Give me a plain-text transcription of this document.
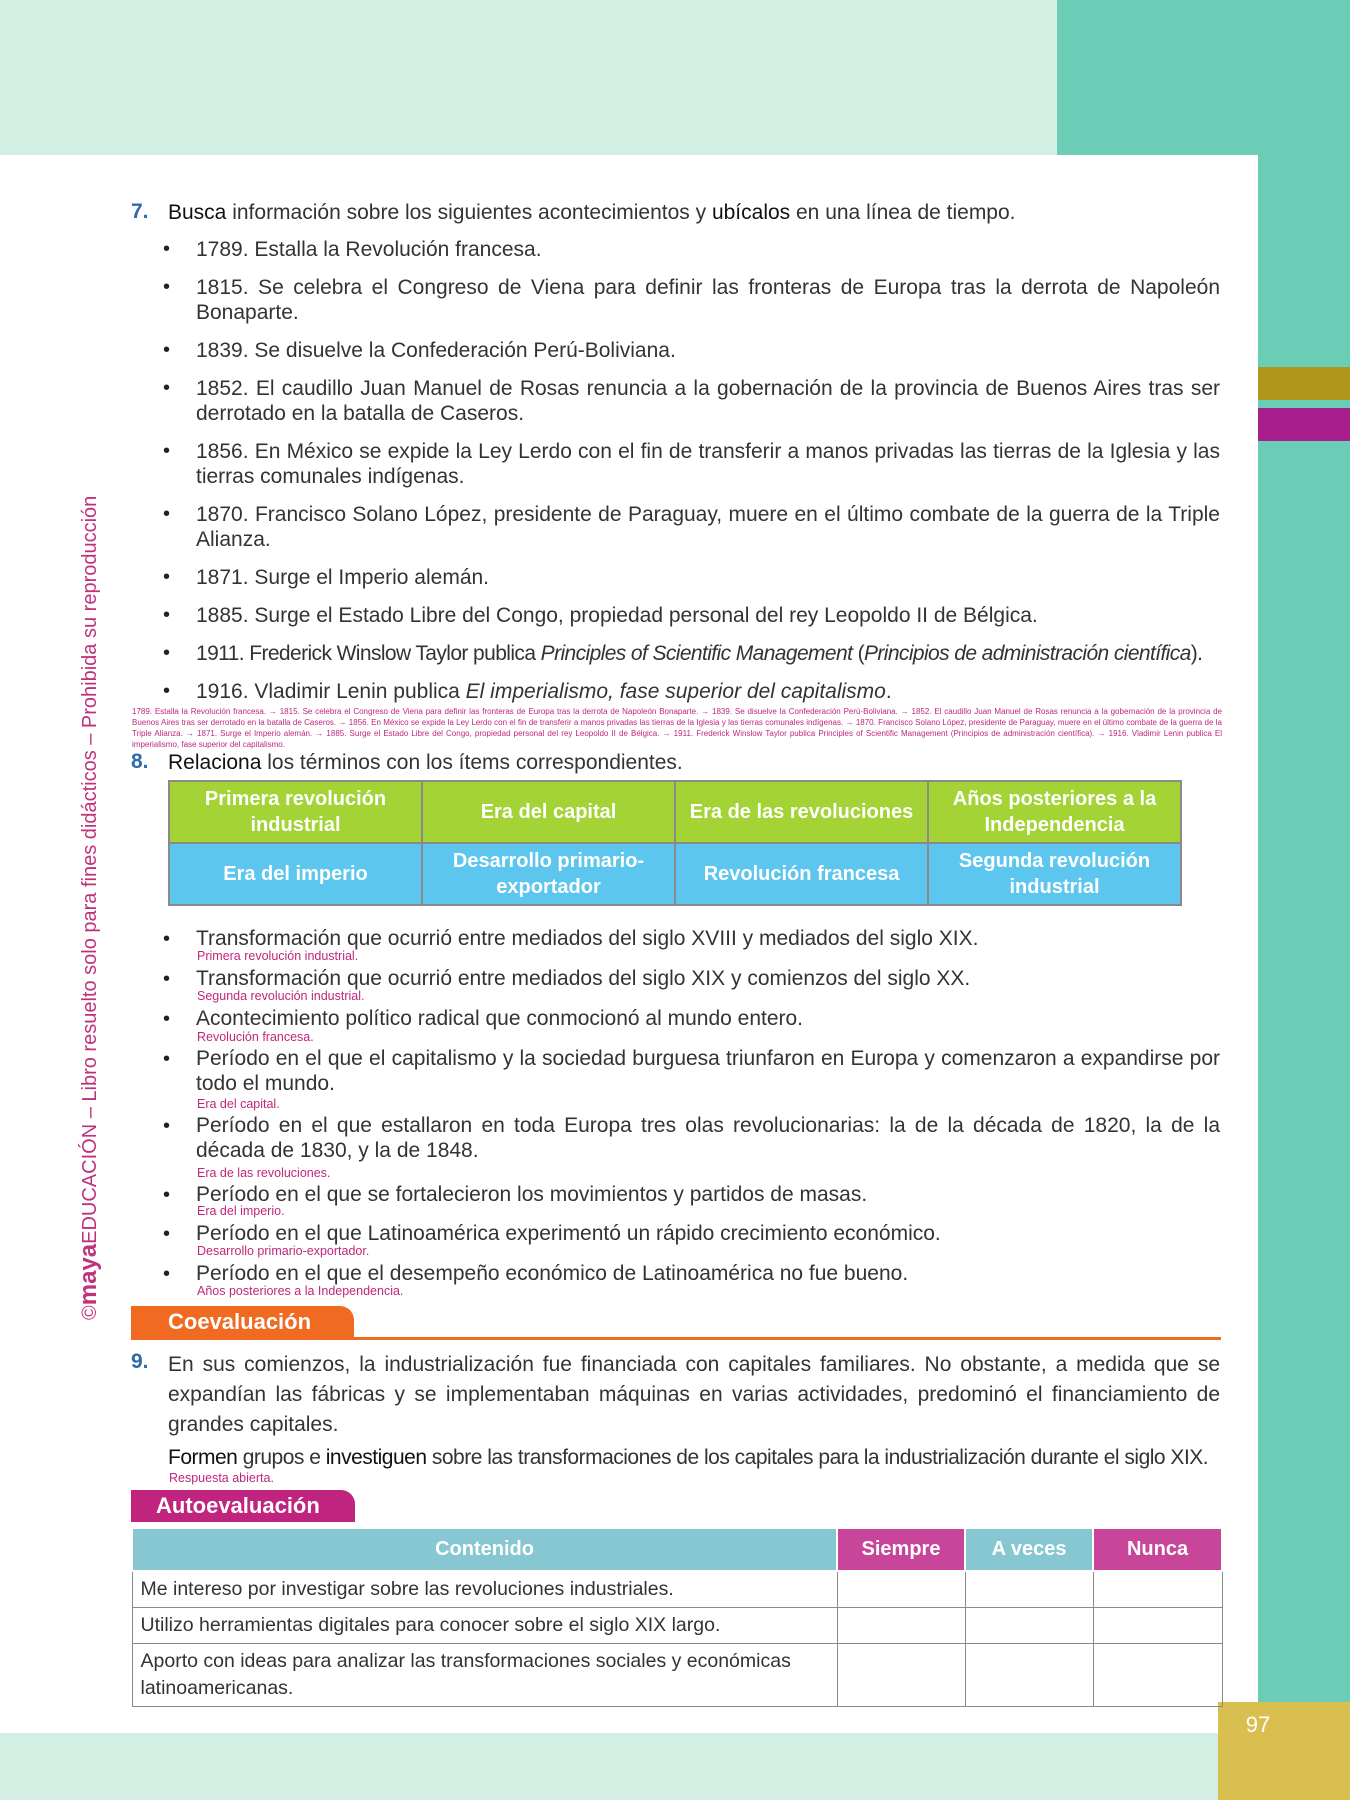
97
©mayaEDUCACIÓN – Libro resuelto solo para fines didácticos – Prohibida su reproducción
7. Busca información sobre los siguientes acontecimientos y ubícalos en una línea de tiempo.
• 1789. Estalla la Revolución francesa.
• 1815. Se celebra el Congreso de Viena para definir las fronteras de Europa tras la derrota de Napoleón Bonaparte.
• 1839. Se disuelve la Confederación Perú-Boliviana.
• 1852. El caudillo Juan Manuel de Rosas renuncia a la gobernación de la provincia de Buenos Aires tras ser derrotado en la batalla de Caseros.
• 1856. En México se expide la Ley Lerdo con el fin de transferir a manos privadas las tierras de la Iglesia y las tierras comunales indígenas.
• 1870. Francisco Solano López, presidente de Paraguay, muere en el último combate de la guerra de la Triple Alianza.
• 1871. Surge el Imperio alemán.
• 1885. Surge el Estado Libre del Congo, propiedad personal del rey Leopoldo II de Bélgica.
• 1911. Frederick Winslow Taylor publica Principles of Scientific Management (Principios de administración científica).
• 1916. Vladimir Lenin publica El imperialismo, fase superior del capitalismo.
1789. Estalla la Revolución francesa. → 1815. Se celebra el Congreso de Viena para definir las fronteras de Europa tras la derrota de Napoleón Bonaparte. → 1839. Se disuelve la Confederación Perú-Boliviana. → 1852. El caudillo Juan Manuel de Rosas renuncia a la gobernación de la provincia de Buenos Aires tras ser derrotado en la batalla de Caseros. → 1856. En México se expide la Ley Lerdo con el fin de transferir a manos privadas las tierras de la Iglesia y las tierras comunales indígenas. → 1870. Francisco Solano López, presidente de Paraguay, muere en el último combate de la guerra de la Triple Alianza. → 1871. Surge el Imperio alemán. → 1885. Surge el Estado Libre del Congo, propiedad personal del rey Leopoldo II de Bélgica. → 1911. Frederick Winslow Taylor publica Principles of Scientific Management (Principios de administración científica). → 1916. Vladimir Lenin publica El imperialismo, fase superior del capitalismo.
8. Relaciona los términos con los ítems correspondientes.
Primera revolución industrial	Era del capital	Era de las revoluciones	Años posteriores a la Independencia
Era del imperio	Desarrollo primario-exportador	Revolución francesa	Segunda revolución industrial
• Transformación que ocurrió entre mediados del siglo XVIII y mediados del siglo XIX.
Primera revolución industrial.
• Transformación que ocurrió entre mediados del siglo XIX y comienzos del siglo XX.
Segunda revolución industrial.
• Acontecimiento político radical que conmocionó al mundo entero.
Revolución francesa.
• Período en el que el capitalismo y la sociedad burguesa triunfaron en Europa y comenzaron a expandirse por todo el mundo.
Era del capital.
• Período en el que estallaron en toda Europa tres olas revolucionarias: la de la década de 1820, la de la década de 1830, y la de 1848.
Era de las revoluciones.
• Período en el que se fortalecieron los movimientos y partidos de masas.
Era del imperio.
• Período en el que Latinoamérica experimentó un rápido crecimiento económico.
Desarrollo primario-exportador.
• Período en el que el desempeño económico de Latinoamérica no fue bueno.
Años posteriores a la Independencia.
Coevaluación
9. En sus comienzos, la industrialización fue financiada con capitales familiares. No obstante, a medida que se expandían las fábricas y se implementaban máquinas en varias actividades, predominó el financiamiento de grandes capitales.
Formen grupos e investiguen sobre las transformaciones de los capitales para la industrialización durante el siglo XIX.
Respuesta abierta.
Autoevaluación
Contenido	Siempre	A veces	Nunca
Me intereso por investigar sobre las revoluciones industriales.			
Utilizo herramientas digitales para conocer sobre el siglo XIX largo.			
Aporto con ideas para analizar las transformaciones sociales y económicas latinoamericanas.			
